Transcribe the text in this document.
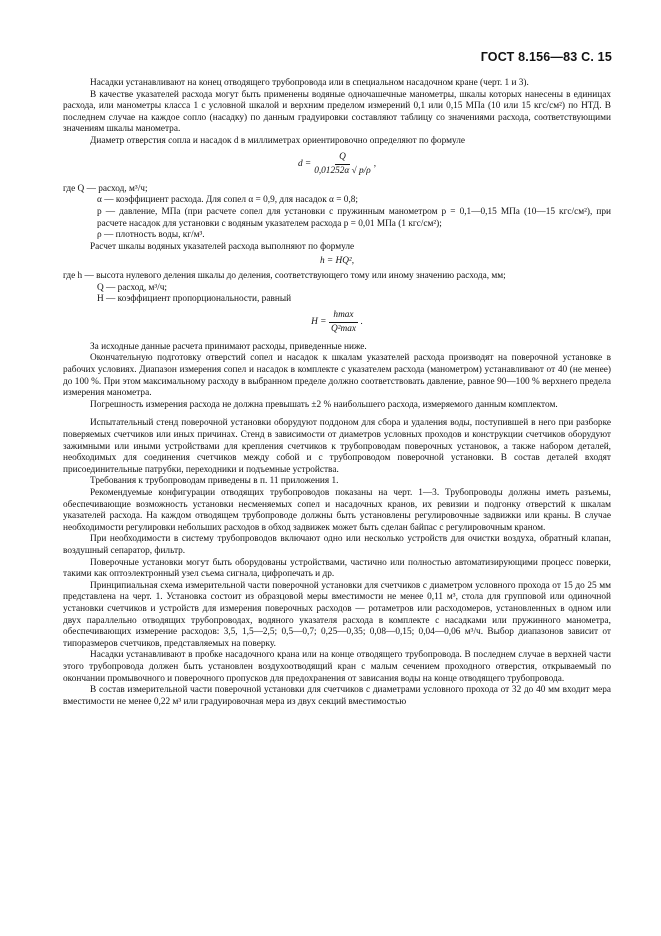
ГОСТ 8.156—83 С. 15

Насадки устанавливают на конец отводящего трубопровода или в специальном насадочном кране (черт. 1 и 3).

В качестве указателей расхода могут быть применены водяные одночашечные манометры, шкалы которых нанесены в единицах расхода, или манометры класса 1 с условной шкалой и верхним пределом измерений 0,1 или 0,15 МПа (10 или 15 кгс/см²) по НТД. В последнем случае на каждое сопло (насадку) по данным градуировки составляют таблицу со значениями расхода, соответствующими значениям шкалы манометра.

Диаметр отверстия сопла и насадок d в миллиметрах ориентировочно определяют по формуле

$d = \frac{Q}{0,01252\alpha √ p/\rho}$ ,

где Q — расход, м³/ч;

α — коэффициент расхода. Для сопел α = 0,9, для насадок α = 0,8;

p — давление, МПа (при расчете сопел для установки с пружинным манометром p = 0,1—0,15 МПа (10—15 кгс/см²), при расчете насадок для установки с водяным указателем расхода p = 0,01 МПа (1 кгс/см²);

ρ — плотность воды, кг/м³.

Расчет шкалы водяных указателей расхода выполняют по формуле

h = HQ²,

где h — высота нулевого деления шкалы до деления, соответствующего тому или иному значению расхода, мм;

Q — расход, м³/ч;

H — коэффициент пропорциональности, равный

$H = \frac{hmax}{\text{Q²max}}$ .

За исходные данные расчета принимают расходы, приведенные ниже.

Окончательную подготовку отверстий сопел и насадок к шкалам указателей расхода производят на поверочной установке в рабочих условиях. Диапазон измерения сопел и насадок в комплекте с указателем расхода (манометром) устанавливают от 40 (не менее) до 100 %. При этом максимальному расходу в выбранном пределе должно соответствовать давление, равное 90—100 % верхнего предела измерения манометра.

Погрешность измерения расхода не должна превышать ±2 % наибольшего расхода, измеряемого данным комплектом.

Испытательный стенд поверочной установки оборудуют поддоном для сбора и удаления воды, поступившей в него при разборке поверяемых счетчиков или иных причинах. Стенд в зависимости от диаметров условных проходов и конструкции счетчиков оборудуют зажимными или иными устройствами для крепления счетчиков к трубопроводам поверочных установок, а также набором деталей, необходимых для соединения счетчиков между собой и с трубопроводом поверочной установки. В состав деталей входят присоединительные патрубки, переходники и подъемные устройства.

Требования к трубопроводам приведены в п. 11 приложения 1.

Рекомендуемые конфигурации отводящих трубопроводов показаны на черт. 1—3. Трубопроводы должны иметь разъемы, обеспечивающие возможность установки несменяемых сопел и насадочных кранов, их ревизии и подгонку отверстий к шкалам указателей расхода. На каждом отводящем трубопроводе должны быть установлены регулировочные задвижки или краны. В случае необходимости регулировки небольших расходов в обход задвижек может быть сделан байпас с регулировочным краном.

При необходимости в систему трубопроводов включают одно или несколько устройств для очистки воздуха, обратный клапан, воздушный сепаратор, фильтр.

Поверочные установки могут быть оборудованы устройствами, частично или полностью автоматизирующими процесс поверки, такими как оптоэлектронный узел съема сигнала, цифропечать и др.

Принципиальная схема измерительной части поверочной установки для счетчиков с диаметром условного прохода от 15 до 25 мм представлена на черт. 1. Установка состоит из образцовой меры вместимости не менее 0,11 м³, стола для групповой или одиночной установки счетчиков и устройств для измерения поверочных расходов — ротаметров или расходомеров, установленных в одном или двух параллельно отводящих трубопроводах, водяного указателя расхода в комплекте с насадками или пружинного манометра, обеспечивающих измерение расходов: 3,5, 1,5—2,5; 0,5—0,7; 0,25—0,35; 0,08—0,15; 0,04—0,06 м³/ч. Выбор диапазонов зависит от типоразмеров счетчиков, представляемых на поверку.

Насадки устанавливают в пробке насадочного крана или на конце отводящего трубопровода. В последнем случае в верхней части этого трубопровода должен быть установлен воздухоотводящий кран с малым сечением проходного отверстия, открываемый по окончании промывочного и поверочного пропусков для предохранения от зависания воды на конце отводящего трубопровода.

В состав измерительной части поверочной установки для счетчиков с диаметрами условного прохода от 32 до 40 мм входит мера вместимости не менее 0,22 м³ или градуировочная мера из двух секций вместимостью
